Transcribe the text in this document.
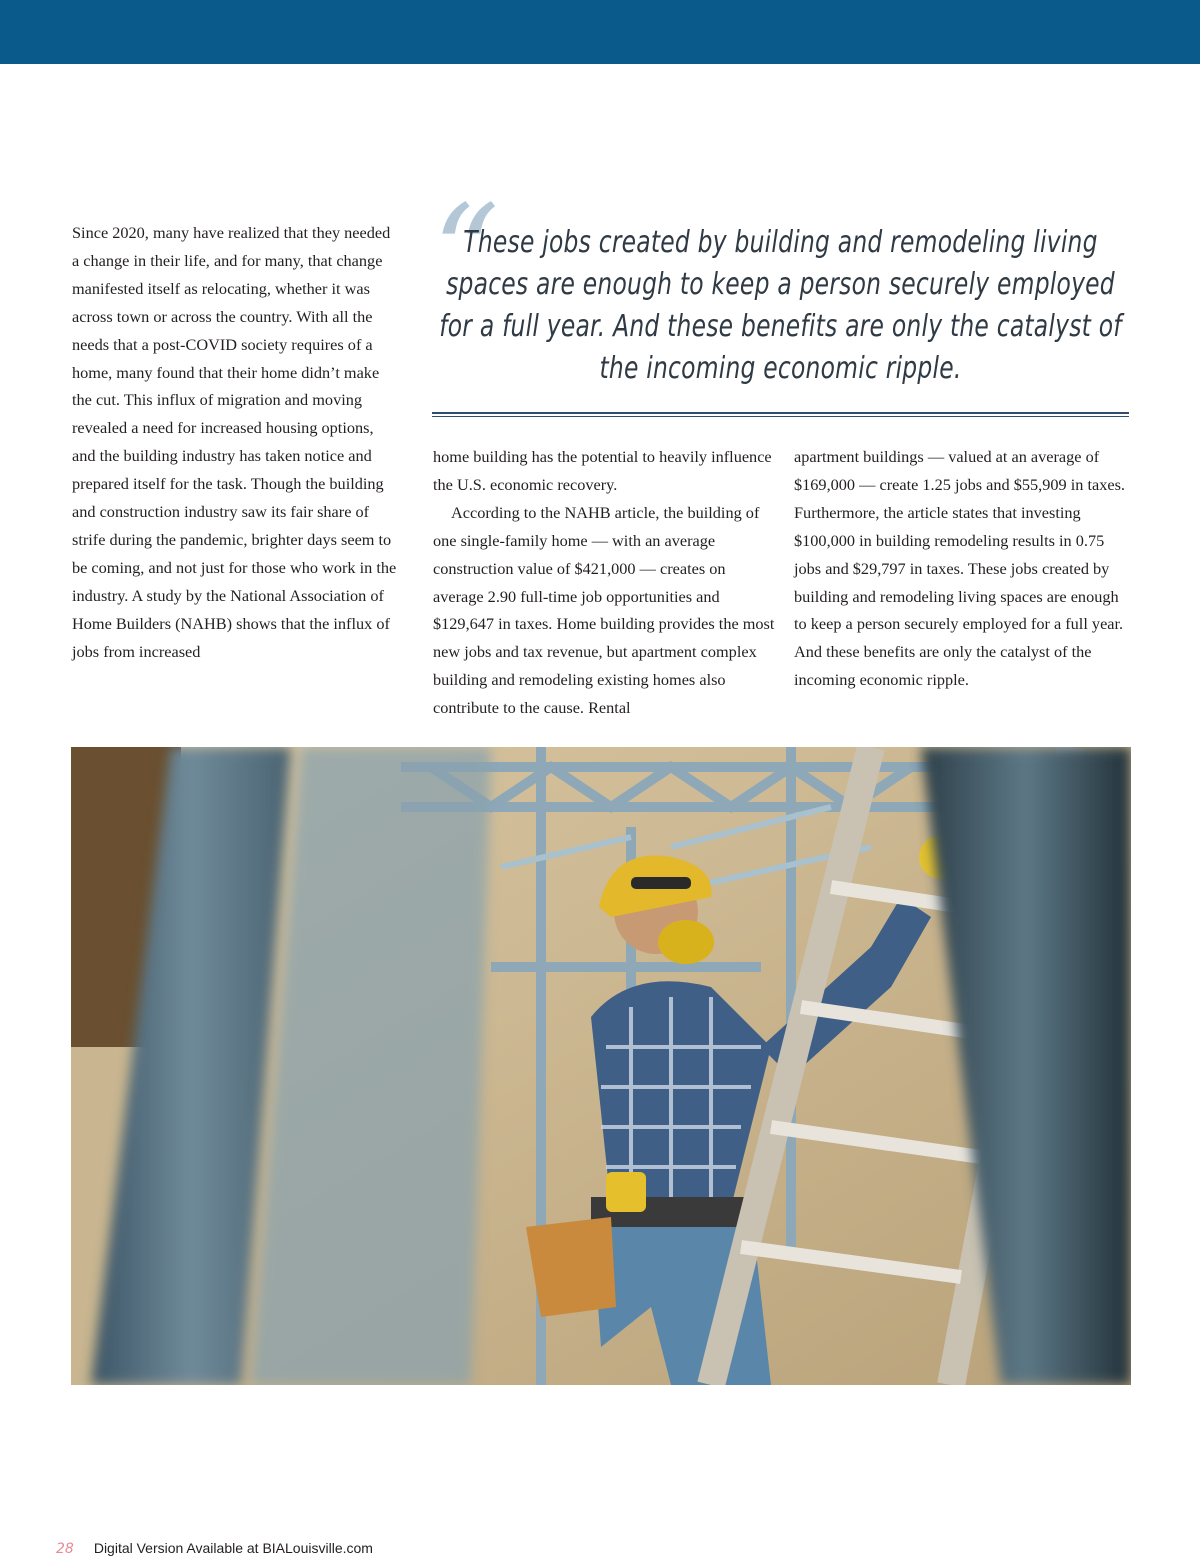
Since 2020, many have realized that they needed a change in their life, and for many, that change manifested itself as relocating, whether it was across town or across the country. With all the needs that a post-COVID society requires of a home, many found that their home didn’t make the cut. This influx of migration and moving revealed a need for increased housing options, and the building industry has taken notice and prepared itself for the task. Though the building and construction industry saw its fair share of strife during the pandemic, brighter days seem to be coming, and not just for those who work in the industry. A study by the National Association of Home Builders (NAHB) shows that the influx of jobs from increased

“
These jobs created by building and remodeling living spaces are enough to keep a person securely employed for a full year. And these benefits are only the catalyst of the incoming economic ripple.

home building has the potential to heavily influence the U.S. economic recovery.

According to the NAHB article, the building of one single-family home — with an average construction value of $421,000 — creates on average 2.90 full-time job opportunities and $129,647 in taxes. Home building provides the most new jobs and tax revenue, but apartment complex building and remodeling existing homes also contribute to the cause. Rental

apartment buildings — valued at an average of $169,000 — create 1.25 jobs and $55,909 in taxes. Furthermore, the article states that investing $100,000 in building remodeling results in 0.75 jobs and $29,797 in taxes. These jobs created by building and remodeling living spaces are enough to keep a person securely employed for a full year. And these benefits are only the catalyst of the incoming economic ripple.

28 Digital Version Available at BIALouisville.com
